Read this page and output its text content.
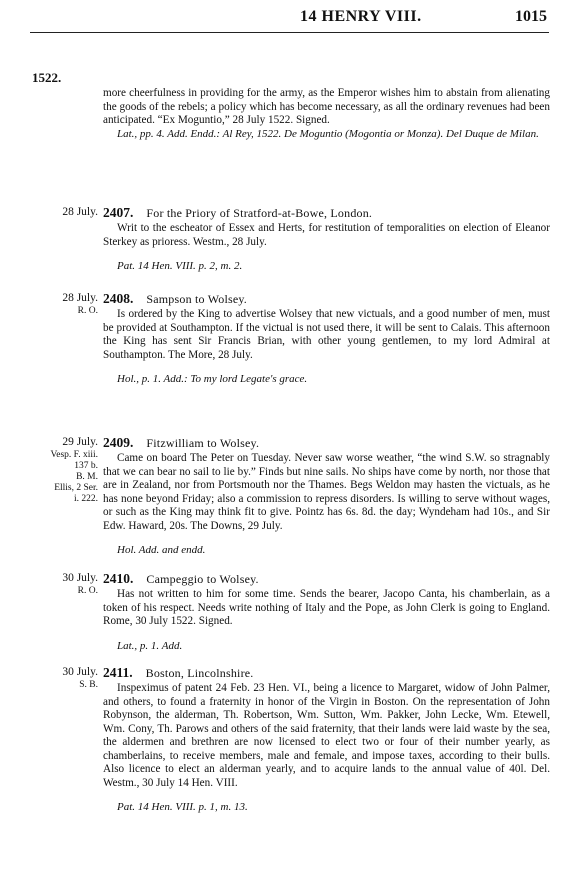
14 HENRY VIII.	1015
1522.

more cheerfulness in providing for the army, as the Emperor wishes him to abstain from alienating the goods of the rebels; a policy which has become necessary, as all the ordinary revenues had been anticipated. “Ex Moguntio,” 28 July 1522. Signed.

Lat., pp. 4. Add. Endd.: Al Rey, 1522. De Moguntio (Mogontia or Monza). Del Duque de Milan.

28 July. 2407. For the Priory of Stratford-at-Bowe, London.

Writ to the escheator of Essex and Herts, for restitution of temporalities on election of Eleanor Sterkey as prioress. Westm., 28 July.

Pat. 14 Hen. VIII. p. 2, m. 2.

28 July.
R. O.
2408. Sampson to Wolsey.

Is ordered by the King to advertise Wolsey that new victuals, and a good number of men, must be provided at Southampton. If the victual is not used there, it will be sent to Calais. This afternoon the King has sent Sir Francis Brian, with other young gentlemen, to my lord Admiral at Southampton. The More, 28 July.

Hol., p. 1. Add.: To my lord Legate's grace.

29 July.
Vesp. F. xiii.
137 b.
B. M.
Ellis, 2 Ser.
i. 222.
2409. Fitzwilliam to Wolsey.

Came on board The Peter on Tuesday. Never saw worse weather, “the wind S.W. so stragnably that we can bear no sail to lie by.” Finds but nine sails. No ships have come by north, nor those that are in Zealand, nor from Portsmouth nor the Thames. Begs Weldon may hasten the victuals, as he has none beyond Friday; also a commission to repress disorders. Is willing to serve without wages, or such as the King may think fit to give. Pointz has 6s. 8d. the day; Wyndeham had 10s., and Sir Edw. Haward, 20s. The Downs, 29 July.

Hol. Add. and endd.

30 July.
R. O.
2410. Campeggio to Wolsey.

Has not written to him for some time. Sends the bearer, Jacopo Canta, his chamberlain, as a token of his respect. Needs write nothing of Italy and the Pope, as John Clerk is going to England. Rome, 30 July 1522. Signed.

Lat., p. 1. Add.

30 July.
S. B.
2411. Boston, Lincolnshire.

Inspeximus of patent 24 Feb. 23 Hen. VI., being a licence to Margaret, widow of John Palmer, and others, to found a fraternity in honor of the Virgin in Boston. On the representation of John Robynson, the alderman, Th. Robertson, Wm. Sutton, Wm. Pakker, John Lecke, Wm. Etewell, Wm. Cony, Th. Parows and others of the said fraternity, that their lands were laid waste by the sea, the aldermen and brethren are now licensed to elect two or four of their number yearly, as chamberlains, to receive members, male and female, and impose taxes, according to their bulls. Also licence to elect an alderman yearly, and to acquire lands to the annual value of 40l. Del. Westm., 30 July 14 Hen. VIII.

Pat. 14 Hen. VIII. p. 1, m. 13.
